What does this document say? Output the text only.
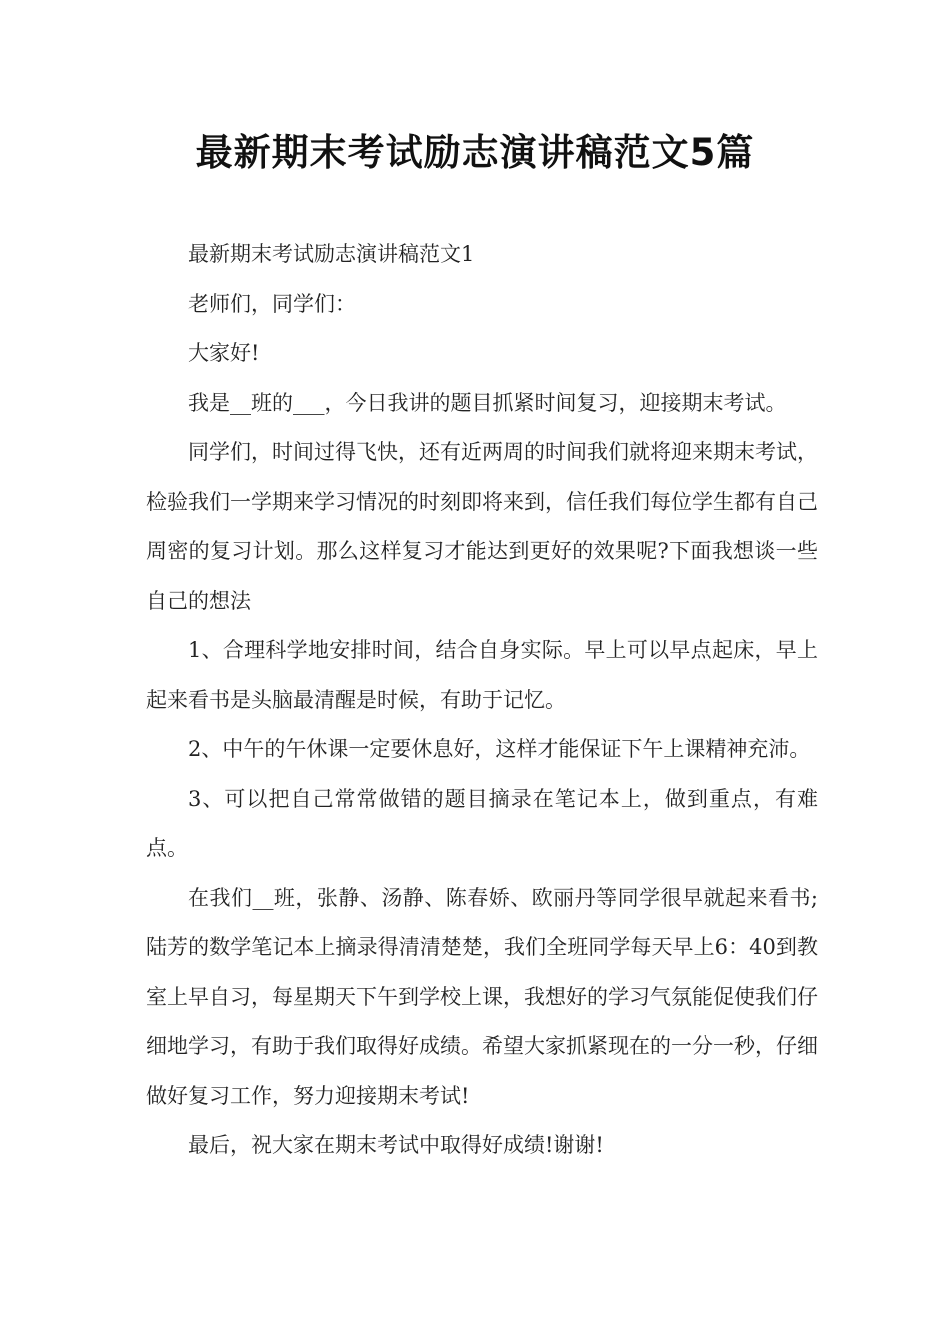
最新期末考试励志演讲稿范文5篇

最新期末考试励志演讲稿范文1

老师们，同学们：

大家好!

我是__班的___，今日我讲的题目抓紧时间复习，迎接期末考试。

同学们，时间过得飞快，还有近两周的时间我们就将迎来期末考试，检验我们一学期来学习情况的时刻即将来到，信任我们每位学生都有自己周密的复习计划。那么这样复习才能达到更好的效果呢?下面我想谈一些自己的想法

1、合理科学地安排时间，结合自身实际。早上可以早点起床，早上起来看书是头脑最清醒是时候，有助于记忆。

2、中午的午休课一定要休息好，这样才能保证下午上课精神充沛。

3、可以把自己常常做错的题目摘录在笔记本上，做到重点，有难点。

在我们__班，张静、汤静、陈春娇、欧丽丹等同学很早就起来看书;陆芳的数学笔记本上摘录得清清楚楚，我们全班同学每天早上6：40到教室上早自习，每星期天下午到学校上课，我想好的学习气氛能促使我们仔细地学习，有助于我们取得好成绩。希望大家抓紧现在的一分一秒，仔细做好复习工作，努力迎接期末考试!

最后，祝大家在期末考试中取得好成绩!谢谢!
